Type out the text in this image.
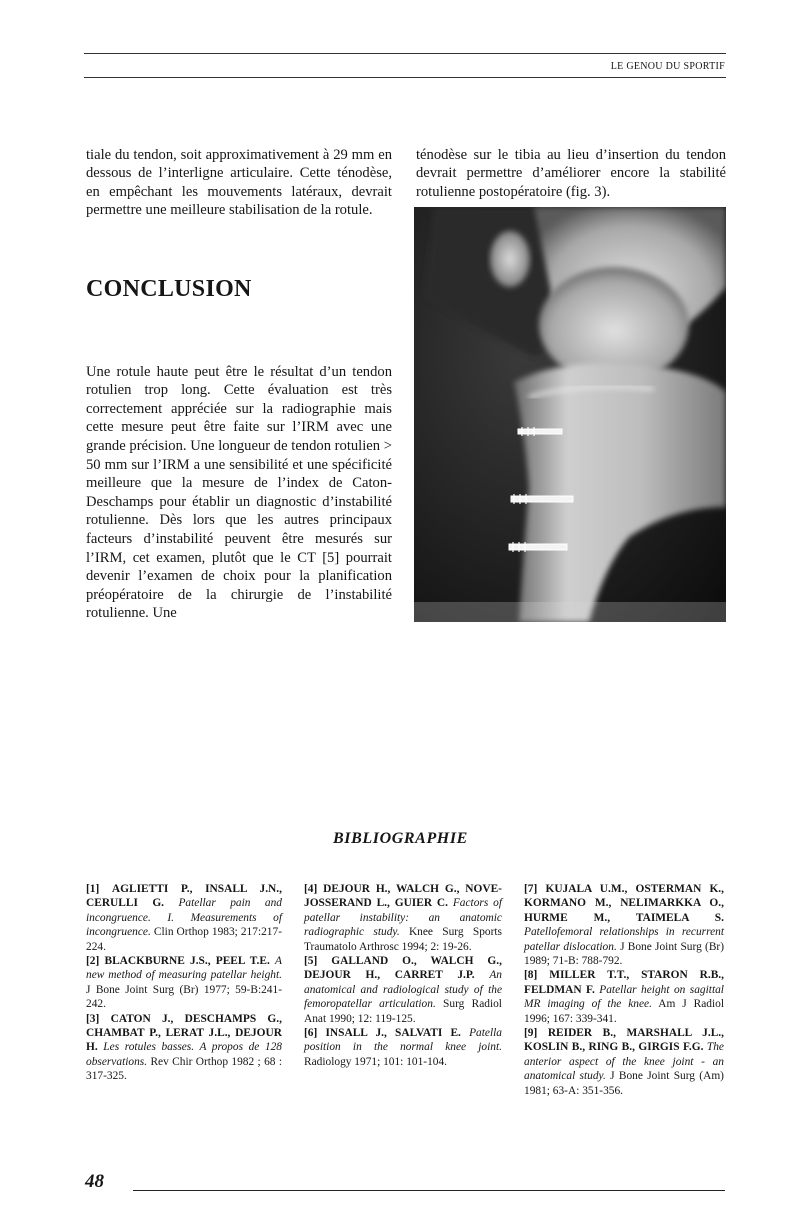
LE GENOU DU SPORTIF

tiale du tendon, soit approximativement à 29 mm en dessous de l’interligne articulaire. Cette ténodèse, en empêchant les mouvements latéraux, devrait permettre une meilleure stabilisation de la rotule.

ténodèse sur le tibia au lieu d’insertion du tendon devrait permettre d’améliorer encore la stabilité rotulienne postopératoire (fig. 3).

CONCLUSION

Une rotule haute peut être le résultat d’un tendon rotulien trop long. Cette évaluation est très correctement appréciée sur la radiographie mais cette mesure peut être faite sur l’IRM avec une grande précision. Une longueur de tendon rotulien > 50 mm sur l’IRM a une sensibilité et une spécificité meilleure que la mesure de l’index de Caton-Deschamps pour établir un diagnostic d’instabilité rotulienne. Dès lors que les autres principaux facteurs d’instabilité peuvent être mesurés sur l’IRM, cet examen, plutôt que le CT [5] pourrait devenir l’examen de choix pour la planification préopératoire de la chirurgie de l’instabilité rotulienne. Une

BIBLIOGRAPHIE

[1] AGLIETTI P., INSALL J.N., CERULLI G. Patellar pain and incongruence. I. Measurements of incongruence. Clin Orthop 1983; 217:217-224.

[2] BLACKBURNE J.S., PEEL T.E. A new method of measuring patellar height. J Bone Joint Surg (Br) 1977; 59-B:241-242.

[3] CATON J., DESCHAMPS G., CHAMBAT P., LERAT J.L., DEJOUR H. Les rotules basses. A propos de 128 observations. Rev Chir Orthop 1982 ; 68 : 317-325.

[4] DEJOUR H., WALCH G., NOVE-JOSSERAND L., GUIER C. Factors of patellar instability: an anatomic radiographic study. Knee Surg Sports Traumatolo Arthrosc 1994; 2: 19-26.

[5] GALLAND O., WALCH G., DEJOUR H., CARRET J.P. An anatomical and radiological study of the femoropatellar articulation. Surg Radiol Anat 1990; 12: 119-125.

[6] INSALL J., SALVATI E. Patella position in the normal knee joint. Radiology 1971; 101: 101-104.

[7] KUJALA U.M., OSTERMAN K., KORMANO M., NELIMARKKA O., HURME M., TAIMELA S. Patellofemoral relationships in recurrent patellar dislocation. J Bone Joint Surg (Br) 1989; 71-B: 788-792.

[8] MILLER T.T., STARON R.B., FELDMAN F. Patellar height on sagittal MR imaging of the knee. Am J Radiol 1996; 167: 339-341.

[9] REIDER B., MARSHALL J.L., KOSLIN B., RING B., GIRGIS F.G. The anterior aspect of the knee joint - an anatomical study. J Bone Joint Surg (Am) 1981; 63-A: 351-356.

48
